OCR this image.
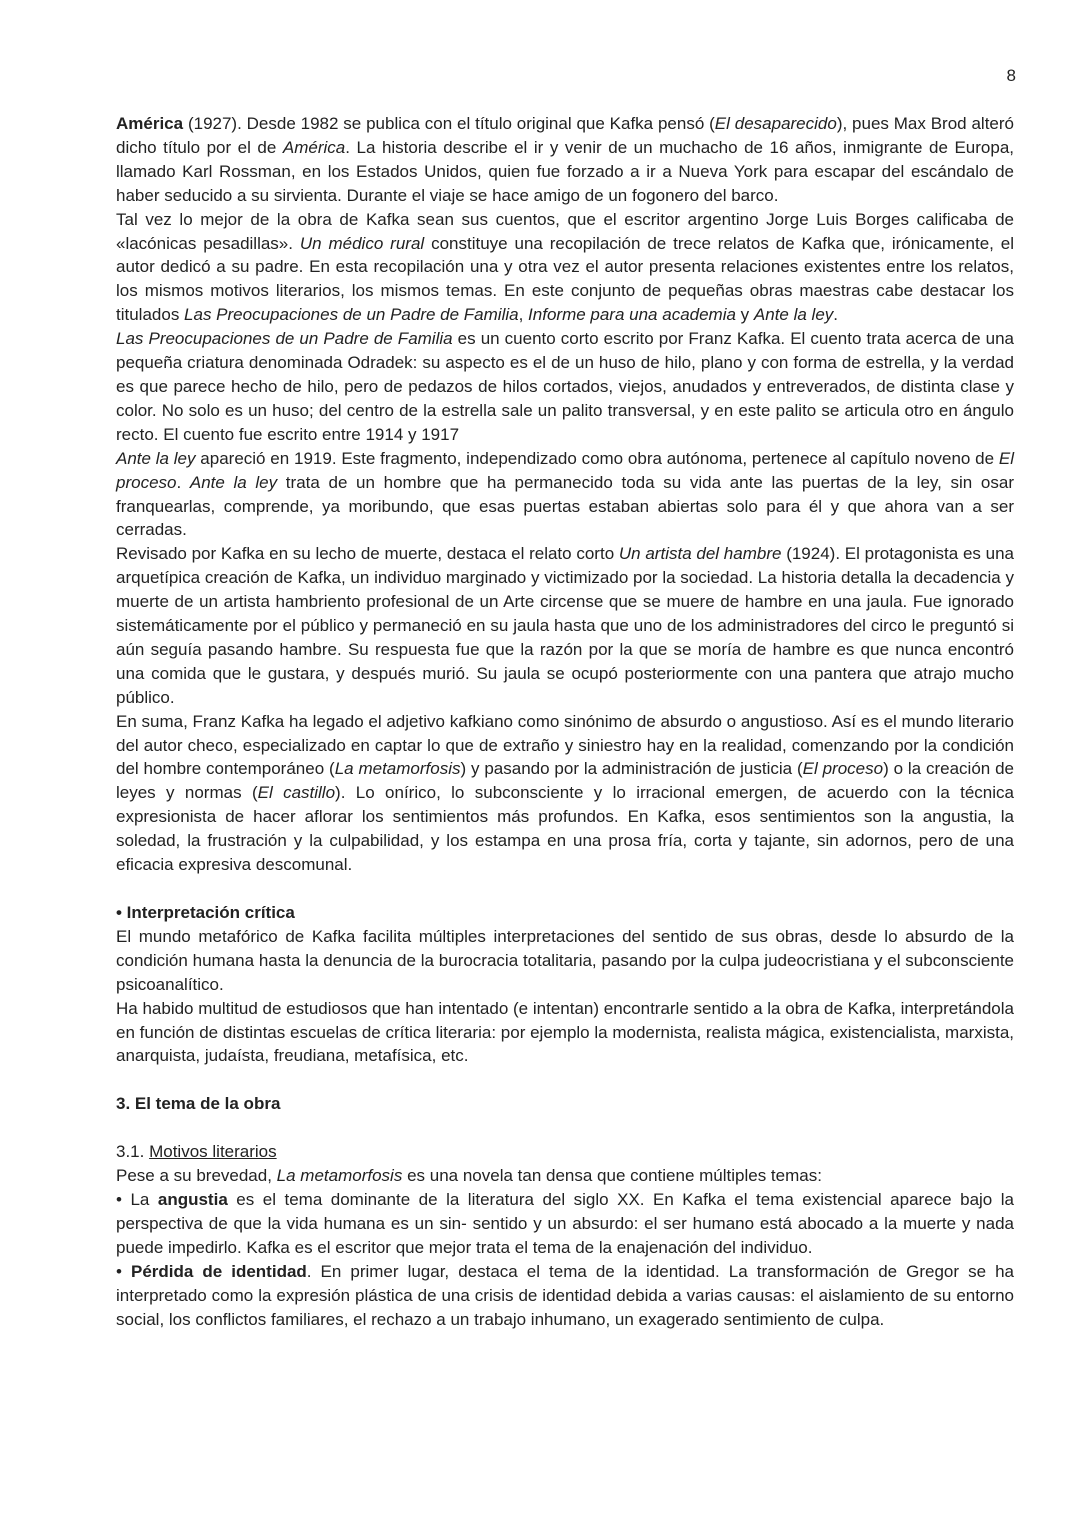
8

América (1927). Desde 1982 se publica con el título original que Kafka pensó (El desaparecido), pues Max Brod alteró dicho título por el de América. La historia describe el ir y venir de un muchacho de 16 años, inmigrante de Europa, llamado Karl Rossman, en los Estados Unidos, quien fue forzado a ir a Nueva York para escapar del escándalo de haber seducido a su sirvienta. Durante el viaje se hace amigo de un fogonero del barco.

Tal vez lo mejor de la obra de Kafka sean sus cuentos, que el escritor argentino Jorge Luis Borges calificaba de «lacónicas pesadillas». Un médico rural constituye una recopilación de trece relatos de Kafka que, irónicamente, el autor dedicó a su padre. En esta recopilación una y otra vez el autor presenta relaciones existentes entre los relatos, los mismos motivos literarios, los mismos temas. En este conjunto de pequeñas obras maestras cabe destacar los titulados Las Preocupaciones de un Padre de Familia, Informe para una academia y Ante la ley.

Las Preocupaciones de un Padre de Familia es un cuento corto escrito por Franz Kafka. El cuento trata acerca de una pequeña criatura denominada Odradek: su aspecto es el de un huso de hilo, plano y con forma de estrella, y la verdad es que parece hecho de hilo, pero de pedazos de hilos cortados, viejos, anudados y entreverados, de distinta clase y color. No solo es un huso; del centro de la estrella sale un palito transversal, y en este palito se articula otro en ángulo recto. El cuento fue escrito entre 1914 y 1917

Ante la ley apareció en 1919. Este fragmento, independizado como obra autónoma, pertenece al capítulo noveno de El proceso. Ante la ley trata de un hombre que ha permanecido toda su vida ante las puertas de la ley, sin osar franquearlas, comprende, ya moribundo, que esas puertas estaban abiertas solo para él y que ahora van a ser cerradas.

Revisado por Kafka en su lecho de muerte, destaca el relato corto Un artista del hambre (1924). El protagonista es una arquetípica creación de Kafka, un individuo marginado y victimizado por la sociedad. La historia detalla la decadencia y muerte de un artista hambriento profesional de un Arte circense que se muere de hambre en una jaula. Fue ignorado sistemáticamente por el público y permaneció en su jaula hasta que uno de los administradores del circo le preguntó si aún seguía pasando hambre. Su respuesta fue que la razón por la que se moría de hambre es que nunca encontró una comida que le gustara, y después murió. Su jaula se ocupó posteriormente con una pantera que atrajo mucho público.

En suma, Franz Kafka ha legado el adjetivo kafkiano como sinónimo de absurdo o angustioso. Así es el mundo literario del autor checo, especializado en captar lo que de extraño y siniestro hay en la realidad, comenzando por la condición del hombre contemporáneo (La metamorfosis) y pasando por la administración de justicia (El proceso) o la creación de leyes y normas (El castillo). Lo onírico, lo subconsciente y lo irracional emergen, de acuerdo con la técnica expresionista de hacer aflorar los sentimientos más profundos. En Kafka, esos sentimientos son la angustia, la soledad, la frustración y la culpabilidad, y los estampa en una prosa fría, corta y tajante, sin adornos, pero de una eficacia expresiva descomunal.

• Interpretación crítica

El mundo metafórico de Kafka facilita múltiples interpretaciones del sentido de sus obras, desde lo absurdo de la condición humana hasta la denuncia de la burocracia totalitaria, pasando por la culpa judeocristiana y el subconsciente psicoanalítico.

Ha habido multitud de estudiosos que han intentado (e intentan) encontrarle sentido a la obra de Kafka, interpretándola en función de distintas escuelas de crítica literaria: por ejemplo la modernista, realista mágica, existencialista, marxista, anarquista, judaísta, freudiana, metafísica, etc.

3. El tema de la obra

3.1. Motivos literarios

Pese a su brevedad, La metamorfosis es una novela tan densa que contiene múltiples temas:

• La angustia es el tema dominante de la literatura del siglo XX. En Kafka el tema existencial aparece bajo la perspectiva de que la vida humana es un sin- sentido y un absurdo: el ser humano está abocado a la muerte y nada puede impedirlo. Kafka es el escritor que mejor trata el tema de la enajenación del individuo.

• Pérdida de identidad. En primer lugar, destaca el tema de la identidad. La transformación de Gregor se ha interpretado como la expresión plástica de una crisis de identidad debida a varias causas: el aislamiento de su entorno social, los conflictos familiares, el rechazo a un trabajo inhumano, un exagerado sentimiento de culpa.
